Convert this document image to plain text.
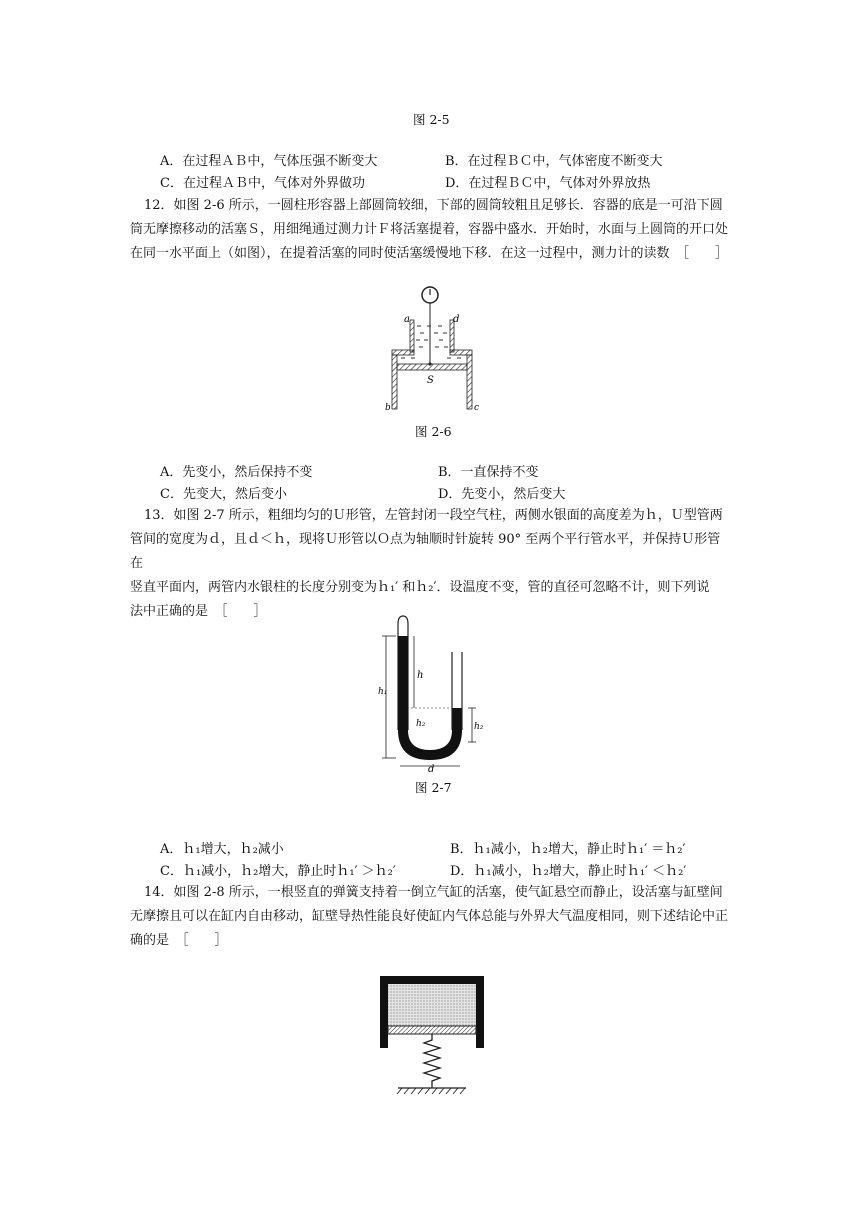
图 2-5
A．在过程ＡＢ中，气体压强不断变大	B．在过程ＢＣ中，气体密度不断变大
C．在过程ＡＢ中，气体对外界做功	D．在过程ＢＣ中，气体对外界放热
12．如图 2-6 所示，一圆柱形容器上部圆筒较细，下部的圆筒较粗且足够长．容器的底是一可沿下圆
筒无摩擦移动的活塞Ｓ，用细绳通过测力计Ｆ将活塞提着，容器中盛水．开始时，水面与上圆筒的开口处
在同一水平面上（如图），在提着活塞的同时使活塞缓慢地下移．在这一过程中，测力计的读数　［　　］
a	d
S
b	c
图 2-6
A．先变小，然后保持不变	B．一直保持不变
C．先变大，然后变小	D．先变小，然后变大
13．如图 2-7 所示，粗细均匀的Ｕ形管，左管封闭一段空气柱，两侧水银面的高度差为ｈ，Ｕ型管两
管间的宽度为ｄ，且ｄ＜ｈ，现将Ｕ形管以Ｏ点为轴顺时针旋转 90° 至两个平行管水平，并保持Ｕ形管在
竖直平面内，两管内水银柱的长度分别变为ｈ₁′ 和ｈ₂′．设温度不变，管的直径可忽略不计，则下列说
法中正确的是　［　　］
h
h₁
h₂	h₂
O
d
图 2-7
A．ｈ₁增大，ｈ₂减小	B．ｈ₁减小，ｈ₂增大，静止时ｈ₁′ ＝ｈ₂′
C．ｈ₁减小，ｈ₂增大，静止时ｈ₁′ ＞ｈ₂′	D．ｈ₁减小，ｈ₂增大，静止时ｈ₁′ ＜ｈ₂′
14．如图 2-8 所示，一根竖直的弹簧支持着一倒立气缸的活塞，使气缸悬空而静止，设活塞与缸壁间
无摩擦且可以在缸内自由移动，缸壁导热性能良好使缸内气体总能与外界大气温度相同，则下述结论中正
确的是　［　　］
